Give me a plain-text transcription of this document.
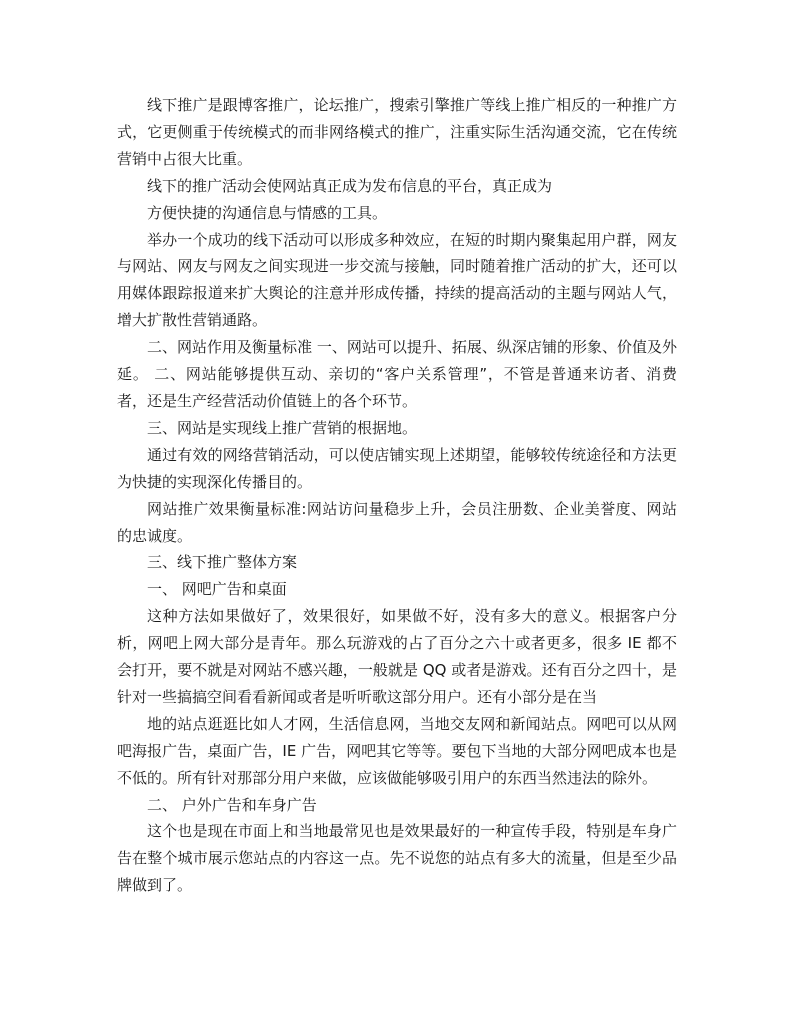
线下推广是跟博客推广，论坛推广，搜索引擎推广等线上推广相反的一种推广方式，它更侧重于传统模式的而非网络模式的推广，注重实际生活沟通交流，它在传统营销中占很大比重。

线下的推广活动会使网站真正成为发布信息的平台，真正成为

方便快捷的沟通信息与情感的工具。

举办一个成功的线下活动可以形成多种效应，在短的时期内聚集起用户群，网友与网站、网友与网友之间实现进一步交流与接触，同时随着推广活动的扩大，还可以用媒体跟踪报道来扩大舆论的注意并形成传播，持续的提高活动的主题与网站人气，增大扩散性营销通路。

二、网站作用及衡量标准 一、网站可以提升、拓展、纵深店铺的形象、价值及外延。 二、网站能够提供互动、亲切的“客户关系管理”，不管是普通来访者、消费者，还是生产经营活动价值链上的各个环节。

三、网站是实现线上推广营销的根据地。

通过有效的网络营销活动，可以使店铺实现上述期望，能够较传统途径和方法更为快捷的实现深化传播目的。

网站推广效果衡量标准:网站访问量稳步上升，会员注册数、企业美誉度、网站的忠诚度。

三、线下推广整体方案

一、 网吧广告和桌面

这种方法如果做好了，效果很好，如果做不好，没有多大的意义。根据客户分析，网吧上网大部分是青年。那么玩游戏的占了百分之六十或者更多，很多 IE 都不会打开，要不就是对网站不感兴趣，一般就是 QQ 或者是游戏。还有百分之四十，是针对一些搞搞空间看看新闻或者是听听歌这部分用户。还有小部分是在当

地的站点逛逛比如人才网，生活信息网，当地交友网和新闻站点。网吧可以从网吧海报广告，桌面广告，IE 广告，网吧其它等等。要包下当地的大部分网吧成本也是不低的。所有针对那部分用户来做，应该做能够吸引用户的东西当然违法的除外。

二、 户外广告和车身广告

这个也是现在市面上和当地最常见也是效果最好的一种宣传手段，特别是车身广告在整个城市展示您站点的内容这一点。先不说您的站点有多大的流量，但是至少品牌做到了。
